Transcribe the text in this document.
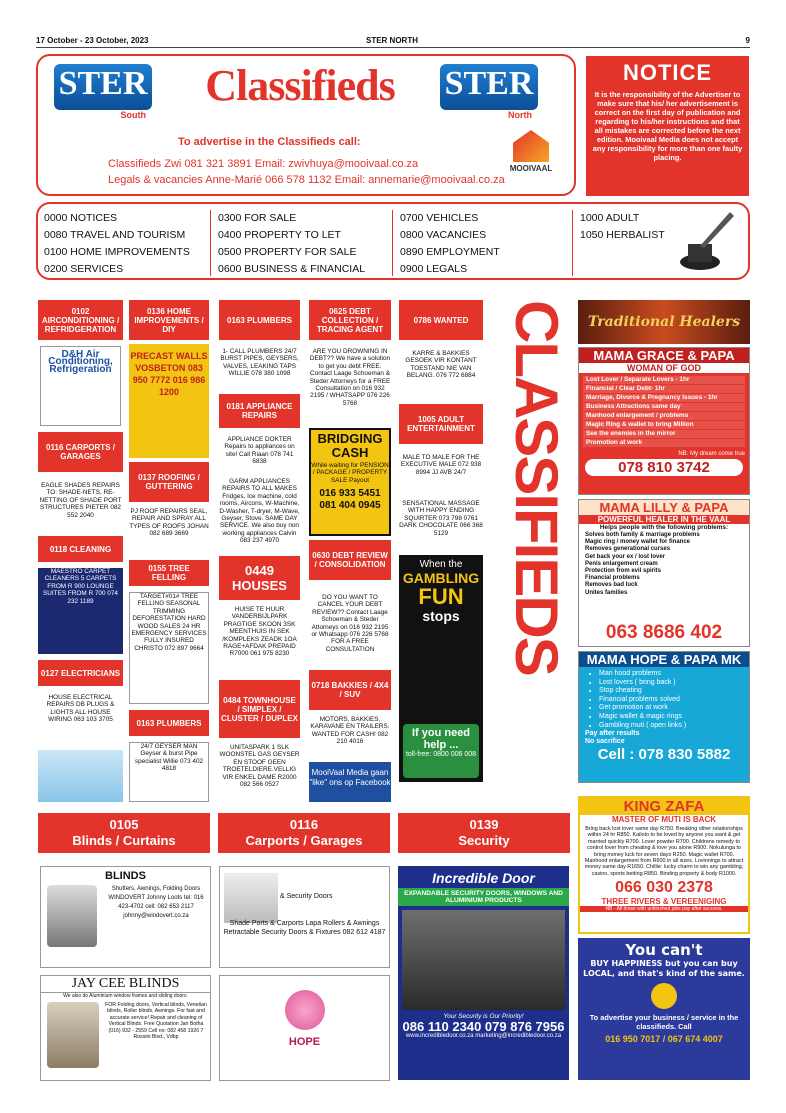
17 October - 23 October, 2023	STER NORTH	9
STER
South
Classifieds	STER
North
To advertise in the Classifieds call:
Classifieds Zwi 081 321 3891 Email: zwivhuya@mooivaal.co.za
Legals & vacancies Anne-Marié 066 578 1132 Email: annemarie@mooivaal.co.za
MOOIVAAL
NOTICE

It is the responsibility of the Advertiser to make sure that his/ her advertisement is correct on the first day of publication and regarding to his/her instructions and that all mistakes are corrected before the next edition. Mooivaal Media does not accept any responsibility for more than one faulty placing.

0000 NOTICES
0080 TRAVEL AND TOURISM
0100 HOME IMPROVEMENTS
0200 SERVICES
0300 FOR SALE
0400 PROPERTY TO LET
0500 PROPERTY FOR SALE
0600 BUSINESS & FINANCIAL
0700 VEHICLES
0800 VACANCIES
0890 EMPLOYMENT
0900 LEGALS
1000 ADULT
1050 HERBALIST
0102 AIRCONDITIONING / REFRIDGERATION
D&H Air Conditioning, Refrigeration
0116 CARPORTS / GARAGES
EAGLE SHADES REPAIRS TO: SHADE-NETS, RE-NETTING OF SHADE PORT STRUCTURES PIETER 082 552 2040
0118 CLEANING
MAESTRO CARPET CLEANERS 5 CARPETS FROM R 900 LOUNGE SUITES FROM R 700 074 232 1189
0127 ELECTRICIANS
HOUSE ELECTRICAL REPAIRS DB PLUGS & LIGHTS ALL HOUSE WIRING 063 103 3705
0136 HOME IMPROVEMENTS / DIY
PRECAST WALLS VOSBETON 083 950 7772 016 986 1200
0137 ROOFING / GUTTERING
PJ ROOF REPAIRS SEAL, REPAIR AND SPRAY ALL TYPES OF ROOFS JOHAN 082 689 3669
0155 TREE FELLING
TARGET#01# TREE FELLING SEASONAL TRIMMING DEFORESTATION HARD WOOD SALES 24 HR EMERGENCY SERVICES FULLY INSURED CHRISTO 072 897 9664
0163 PLUMBERS
24/7 GEYSER MAN Geyser & burst Pipe specialist Willie 073 402 4818
0163 PLUMBERS
1- CALL PLUMBERS 24/7 BURST PIPES, GEYSERS, VALVES, LEAKING TAPS WILLIE 078 380 1098
0181 APPLIANCE REPAIRS
APPLIANCE DOKTER Repairs to appliances on site! Call Riaan 078 741 6838
GARM APPLIANCES REPAIRS TO ALL MAKES Fridges, Ice machine, cold rooms, Aircons, W-Machine, D-Washer, T-dryer, M-Wave, Geyser, Stove. SAME DAY SERVICE. We also buy non working appliances Calvin 083 237 4970
0449 HOUSES
HUISE TE HUUR VANDERBIJLPARK PRAGTIGE SKOON 3SK MEENTHUIS IN SEK /KOMPLEKS ZEADK 1OA RAGE+AFDAK PREPAID R7000 061 975 8230
0484 TOWNHOUSE / SIMPLEX / CLUSTER / DUPLEX
UNITASPARK 1 SLK WOONSTEL GAS GEYSER EN STOOF GEEN TROETELDIERE.VELLIG VIR ENKEL DAME R2000 082 566 0527
0625 DEBT COLLECTION / TRACING AGENT
ARE YOU DROWNING IN DEBT?? We have a solution to get you debt FREE. Contact Laage Schoeman & Steder Attorneys for a FREE Consultation on 016 932 2195 / WHATSAPP 076 226 5768
BRIDGING CASH
While waiting for PENSION / PACKAGE / PROPERTY SALE Payout
016 933 5451 081 404 0945
0630 DEBT REVIEW / CONSOLIDATION
DO YOU WANT TO CANCEL YOUR DEBT REVIEW?? Contact Laage Schoeman & Steder Attorneys on 016 932 2195 or Whatsapp 076 226 5768 FOR A FREE CONSULTATION
0718 BAKKIES / 4X4 / SUV
MOTORS, BAKKIES, KARAVANE EN TRAILERS. WANTED FOR CASH! 082 210 4016
MooiVaal Media gaan "like" ons op Facebook
0786 WANTED
KARRE & BAKKIES GESOEK VIR KONTANT TOESTAND NIE VAN BELANG. 076 772 6884
1005 ADULT ENTERTAINMENT
MALE TO MALE FOR THE EXECUTIVE MALE 072 938 8994 JJ AVB 24/7
SENSATIONAL MASSAGE WITH HAPPY ENDING SQUIRTER 073 798 0761 DARK CHOCOLATE 066 368 5129
When the
GAMBLING
FUN
stops
If you need help ...
toll-free: 0800 006 008
CLASSIFIEDS	Traditional Healers
MAMA GRACE & PAPA
WOMAN OF GOD
Lost Lover / Separate Lovers - 1hr
Financial / Clear Debt- 1hr
Marriage, Divorce & Pregnancy Issues - 1hr
Business Attractions same day
Manhood enlargement / problems
Magic Ring & wallet to bring Million
See the enemies in the mirror
Promotion at work
NB: My dream come true
078 810 3742
MAMA LILLY & PAPA
POWERFUL HEALER IN THE VAAL
Helps people with the following problems:
Solves both family & marriage problems
Magic ring / money wallet for finance
Removes generational curses
Get back your ex / lost lover
Penis enlargement cream
Protection from evil spirits
Financial problems
Removes bad luck
Unites families
063 8686 402
MAMA HOPE & PAPA MK
• Man hood problems
• Lost lovers ( bring back )
• Stop cheating
• Financial problems solved
• Get promotion at work
• Magic wallet & magic rings
• Gambling muti ( open links )
Pay after results
No sacrifice
Cell : 078 830 5882
KING ZAFA
MASTER OF MUTI IS BACK
Bring back lost lover same day R750. Breaking other relationships within 24 hr R850. Kailoto to be loved by anyone you want & get married quickly R700. Lover powder R700. Childrens remedy to control lover from cheating & love you alone R900. Nokulunga to bring money luck for seven days R250. Magic wallet R700. Manhood enlargement from R600 in all sizes. Lovinnings to attract money same day R1650. Chillie: lucky charm to win any gambling, casino, sports betting R850. Binding property & body R1000.
066 030 2378
THREE RIVERS & VEREENIGING
NB - All those with unfinished jobs pay after success.
You can't
BUY HAPPINESS but you can buy
LOCAL, and that's kind of the same.
To advertise your business / service in the classifieds. Call
016 950 7017 / 067 674 4007
0105
Blinds / Curtains
0116
Carports / Garages
0139
Security
BLINDS
Shutters, Awnings, Folding Doors WINDOVERT Johnny Loots tel: 016 423-4702 cell: 082 653 2117 johnny@windovert.co.za
JAY CEE BLINDS
We also do Aluminium window frames and sliding doors.
FOR Folding doors, Vertical blinds, Venetian blinds, Roller blinds, Awnings. For fast and accurate service! Repair and cleaning of Vertical Blinds. Free Quotation Jan Botha (016) 932 - 2559 Cell no: 082 458 1926 7 Rossini Blvd., Vdbp
& Security Doors
Shade Ports & Carports Lapa Rollers & Awnings Retractable Security Doors & Fixtures 082 612 4187
HOPE
Incredible Door
EXPANDABLE SECURITY DOORS, WINDOWS AND ALUMINIUM PRODUCTS
Your Security is Our Priority!
086 110 2340 079 876 7956
www.incredibledoor.co.za marketing@incredibledoor.co.za
